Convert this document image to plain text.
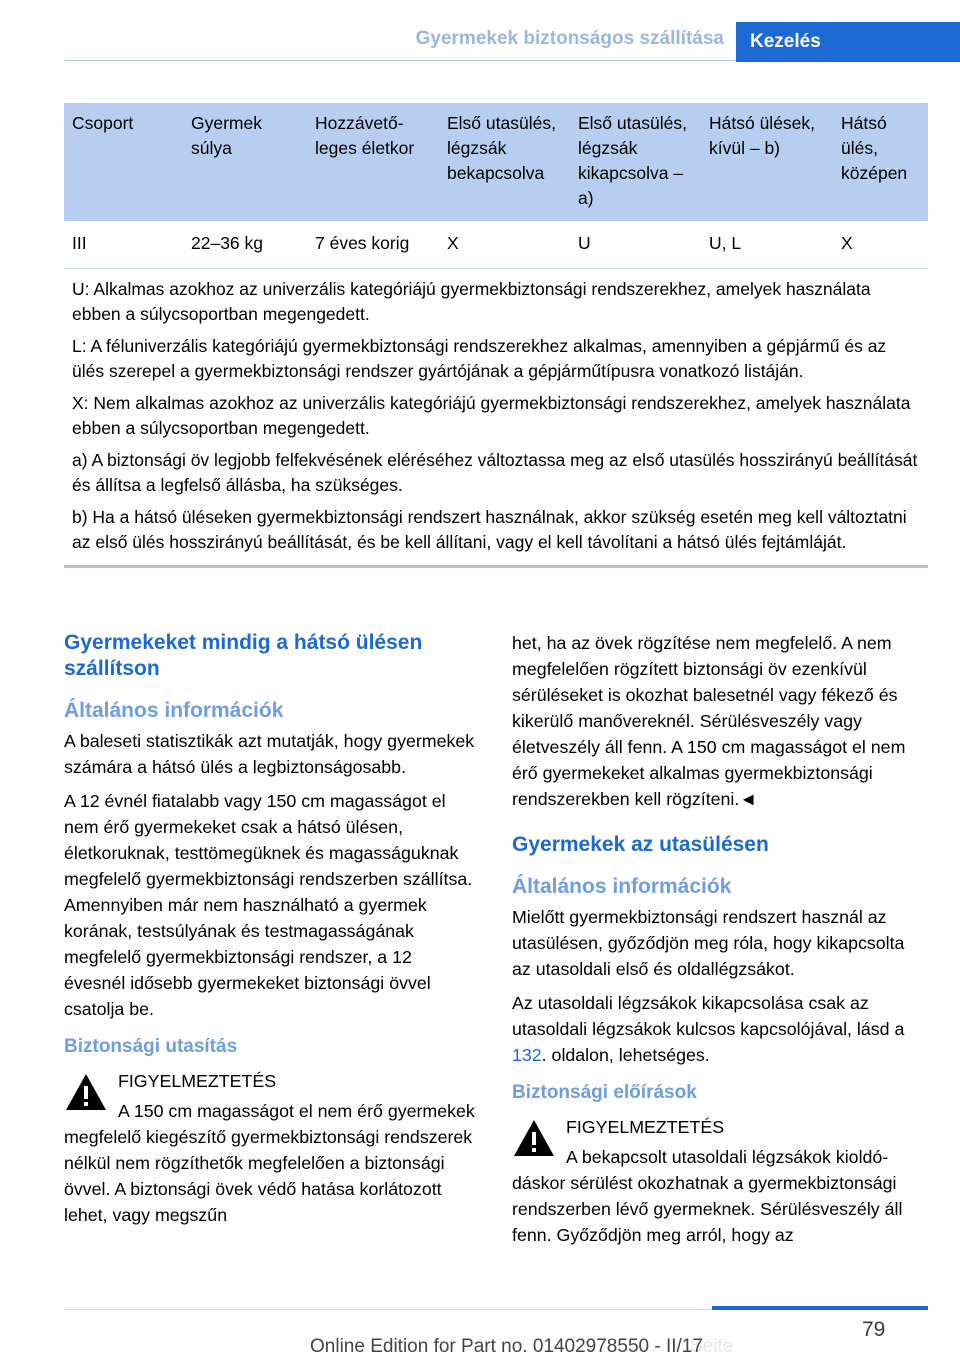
Gyermekek biztonságos szállítása	Kezelés
Csoport	Gyermek súlya	Hozzávetőleges életkor	Első utasülés, légzsák bekapcsolva	Első utasülés, légzsák kikapcsolva – a)	Hátsó ülések, kívül – b)	Hátsó ülés, középen
III	22–36 kg	7 éves korig	X	U	U, L	X

U: Alkalmas azokhoz az univerzális kategóriájú gyermekbiztonsági rendszerekhez, amelyek használata ebben a súlycsoportban megengedett.

L: A féluniverzális kategóriájú gyermekbiztonsági rendszerekhez alkalmas, amennyiben a gépjármű és az ülés szerepel a gyermekbiztonsági rendszer gyártójának a gépjárműtípusra vonatkozó listáján.

X: Nem alkalmas azokhoz az univerzális kategóriájú gyermekbiztonsági rendszerekhez, amelyek használata ebben a súlycsoportban megengedett.

a) A biztonsági öv legjobb felfekvésének eléréséhez változtassa meg az első utasülés hosszirányú beállítását és állítsa a legfelső állásba, ha szükséges.

b) Ha a hátsó üléseken gyermekbiztonsági rendszert használnak, akkor szükség esetén meg kell változtatni az első ülés hosszirányú beállítását, és be kell állítani, vagy el kell távolítani a hátsó ülés fejtámláját.						

Gyermekeket mindig a hátsó ülésen szállítson
Általános információk

A baleseti statisztikák azt mutatják, hogy gyermekek számára a hátsó ülés a legbiztonságosabb.

A 12 évnél fiatalabb vagy 150 cm magasságot el nem érő gyermekeket csak a hátsó ülésen, életkoruknak, testtömegüknek és magasságuknak megfelelő gyermekbiztonsági rendszerben szállítsa. Amennyiben már nem használható a gyermek korának, testsúlyának és testmagasságának megfelelő gyermekbiztonsági rendszer, a 12 évesnél idősebb gyermekeket biztonsági övvel csatolja be.

Biztonsági utasítás

FIGYELMEZTETÉS

A 150 cm magasságot el nem érő gyermekek megfelelő kiegészítő gyermekbiztonsági rendszerek nélkül nem rögzíthetők megfelelően a biztonsági övvel. A biztonsági övek védő hatása korlátozott lehet, vagy megszűn

het, ha az övek rögzítése nem megfelelő. A nem megfelelően rögzített biztonsági öv ezenkívül sérüléseket is okozhat balesetnél vagy fékező és kikerülő manővereknél. Sérülésveszély vagy életveszély áll fenn. A 150 cm magasságot el nem érő gyermekeket alkalmas gyermekbiztonsági rendszerekben kell rögzíteni.◄

Gyermekek az utasülésen
Általános információk

Mielőtt gyermekbiztonsági rendszert használ az utasülésen, győződjön meg róla, hogy kikapcsolta az utasoldali első és oldallégzsákot.

Az utasoldali légzsákok kikapcsolása csak az utasoldali légzsákok kulcsos kapcsolójával, lásd a 132. oldalon, lehetséges.

Biztonsági előírások

FIGYELMEZTETÉS

A bekapcsolt utasoldali légzsákok kioldódáskor sérülést okozhatnak a gyermekbiztonsági rendszerben lévő gyermeknek. Sérülésveszély áll fenn. Győződjön meg arról, hogy az

79
Seite
Online Edition for Part no. 01402978550 - II/17
